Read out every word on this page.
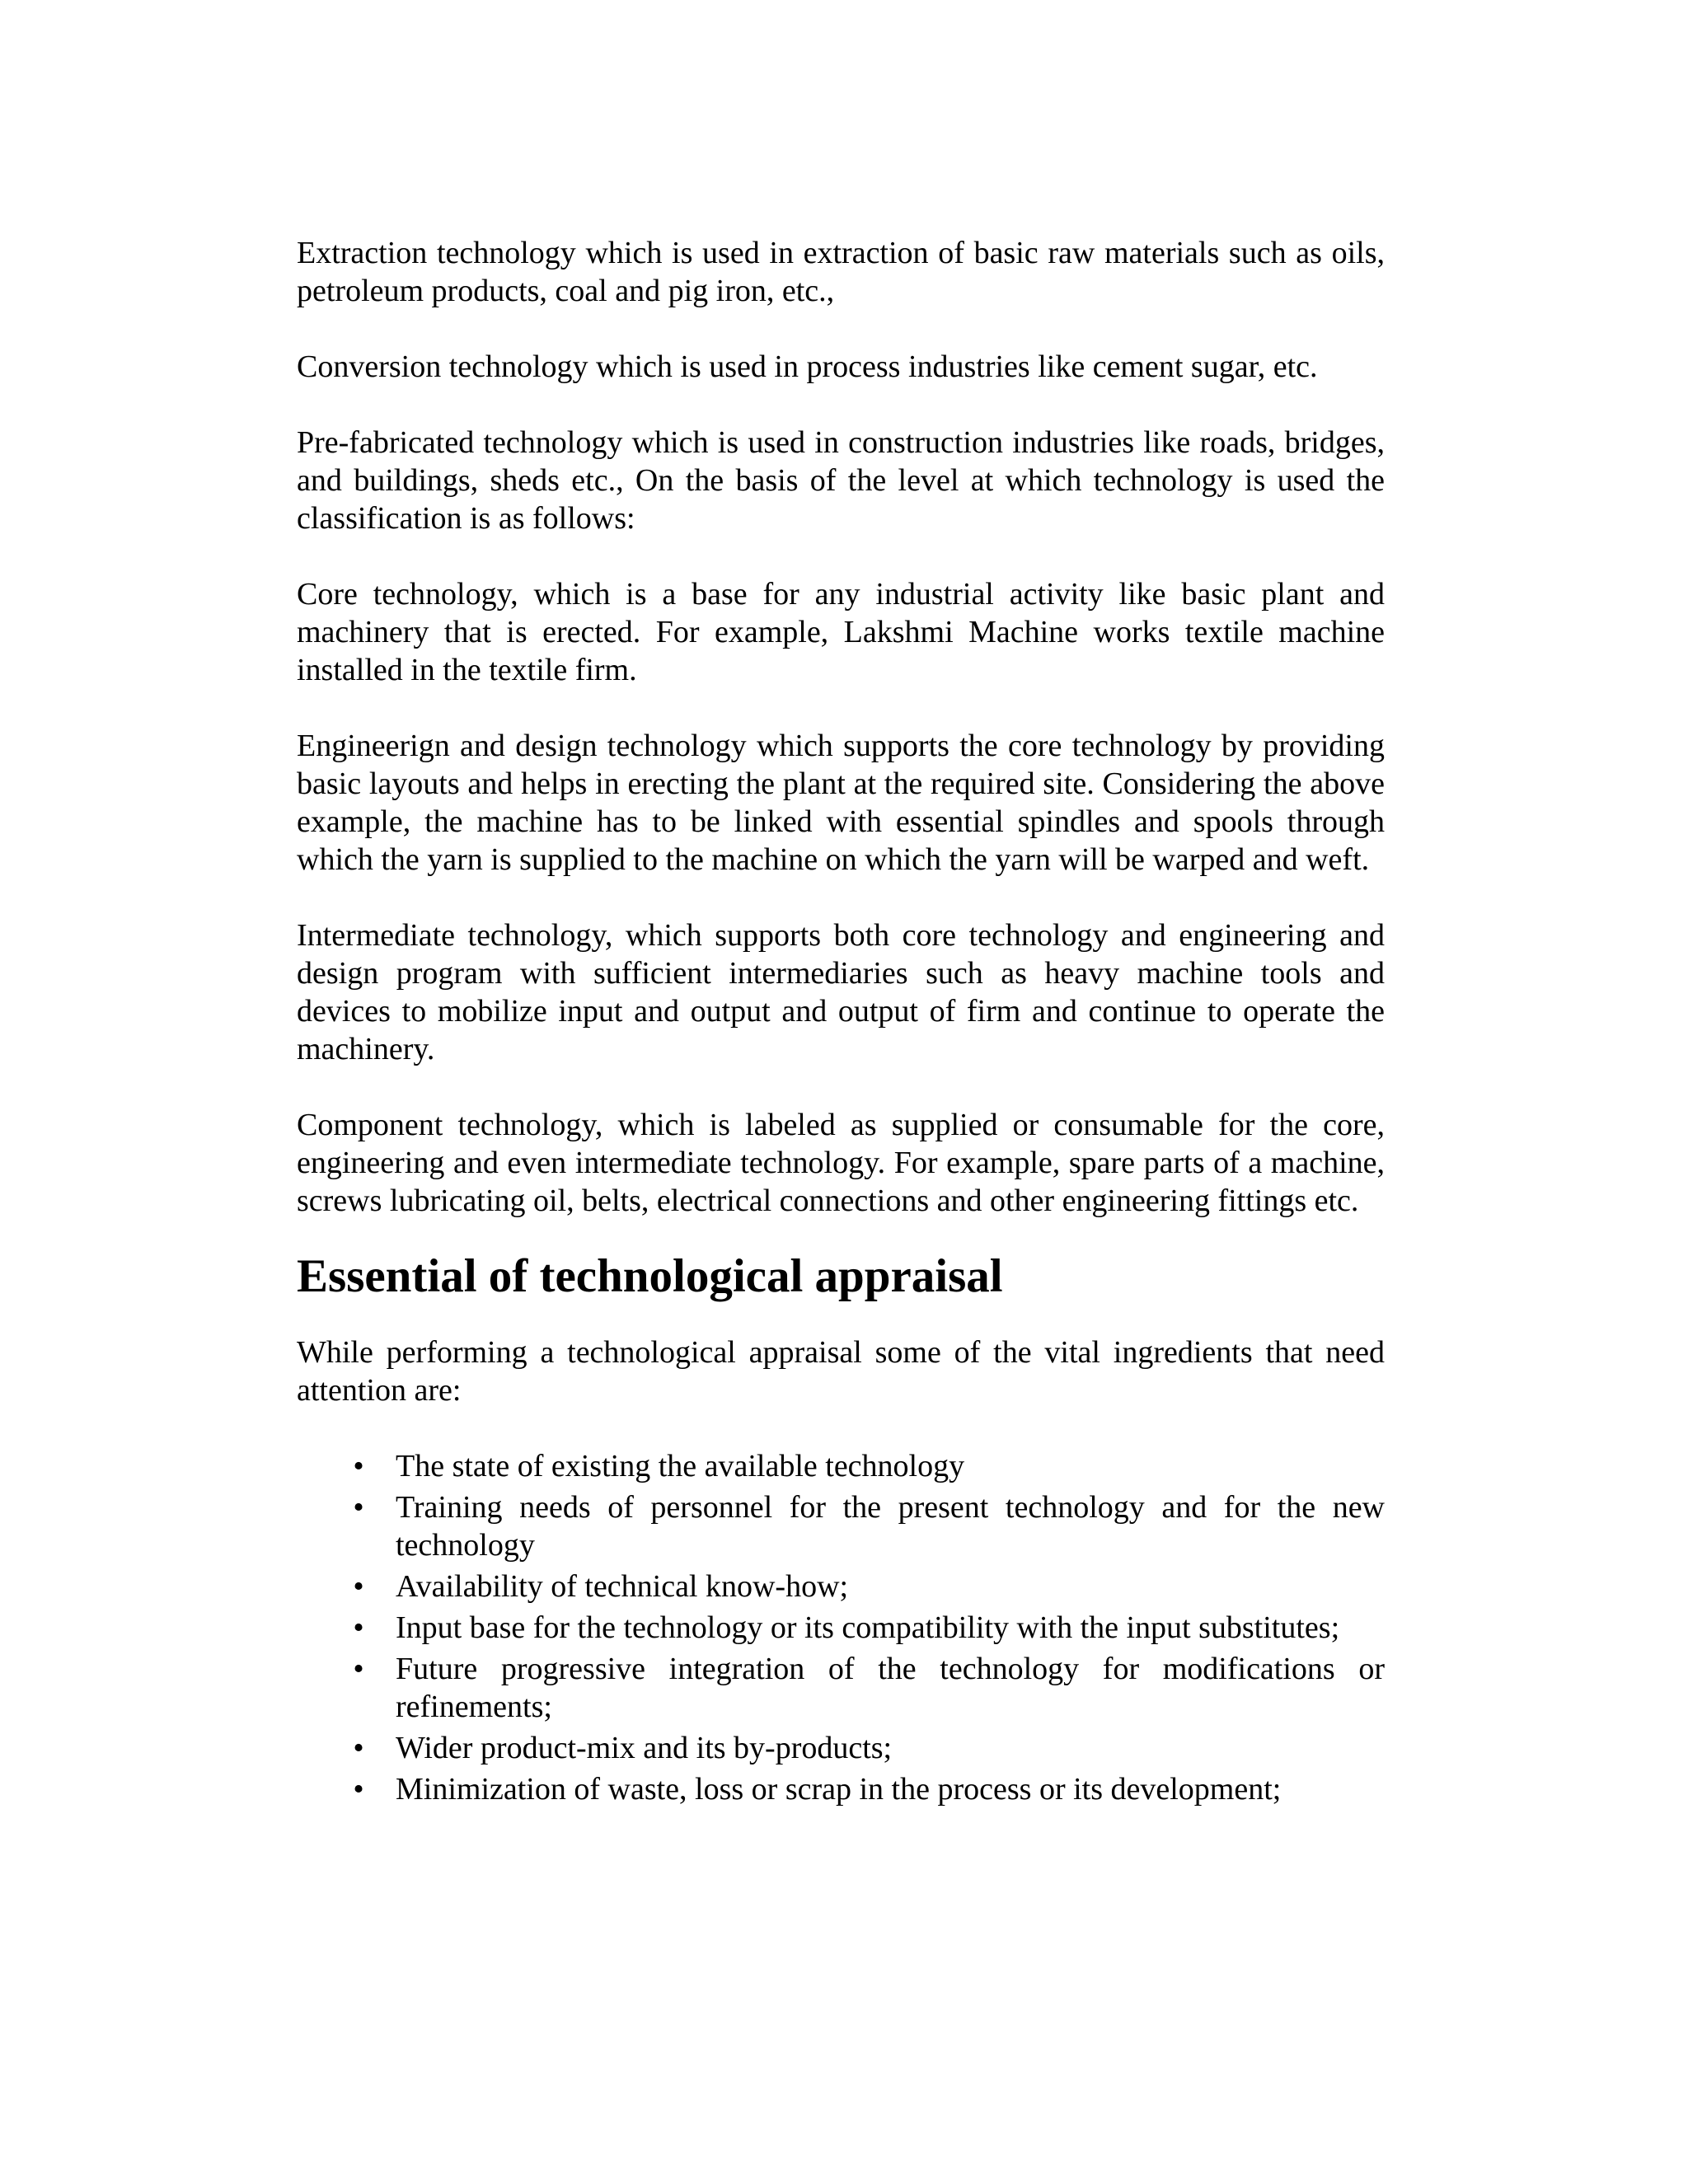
Extraction technology which is used in extraction of basic raw materials such as oils, petroleum products, coal and pig iron, etc.,

Conversion technology which is used in process industries like cement sugar, etc.

Pre-fabricated technology which is used in construction industries like roads, bridges, and buildings, sheds etc., On the basis of the level at which technology is used the classification is as follows:

Core technology, which is a base for any industrial activity like basic plant and machinery that is erected. For example, Lakshmi Machine works textile machine installed in the textile firm.

Engineerign and design technology which supports the core technology by providing basic layouts and helps in erecting the plant at the required site. Considering the above example, the machine has to be linked with essential spindles and spools through which the yarn is supplied to the machine on which the yarn will be warped and weft.

Intermediate technology, which supports both core technology and engineering and design program with sufficient intermediaries such as heavy machine tools and devices to mobilize input and output and output of firm and continue to operate the machinery.

Component technology, which is labeled as supplied or consumable for the core, engineering and even intermediate technology. For example, spare parts of a machine, screws lubricating oil, belts, electrical connections and other engineering fittings etc.

Essential of technological appraisal

While performing a technological appraisal some of the vital ingredients that need attention are:

• The state of existing the available technology
• Training needs of personnel for the present technology and for the new technology
• Availability of technical know-how;
• Input base for the technology or its compatibility with the input substitutes;
• Future progressive integration of the technology for modifications or refinements;
• Wider product-mix and its by-products;
• Minimization of waste, loss or scrap in the process or its development;
